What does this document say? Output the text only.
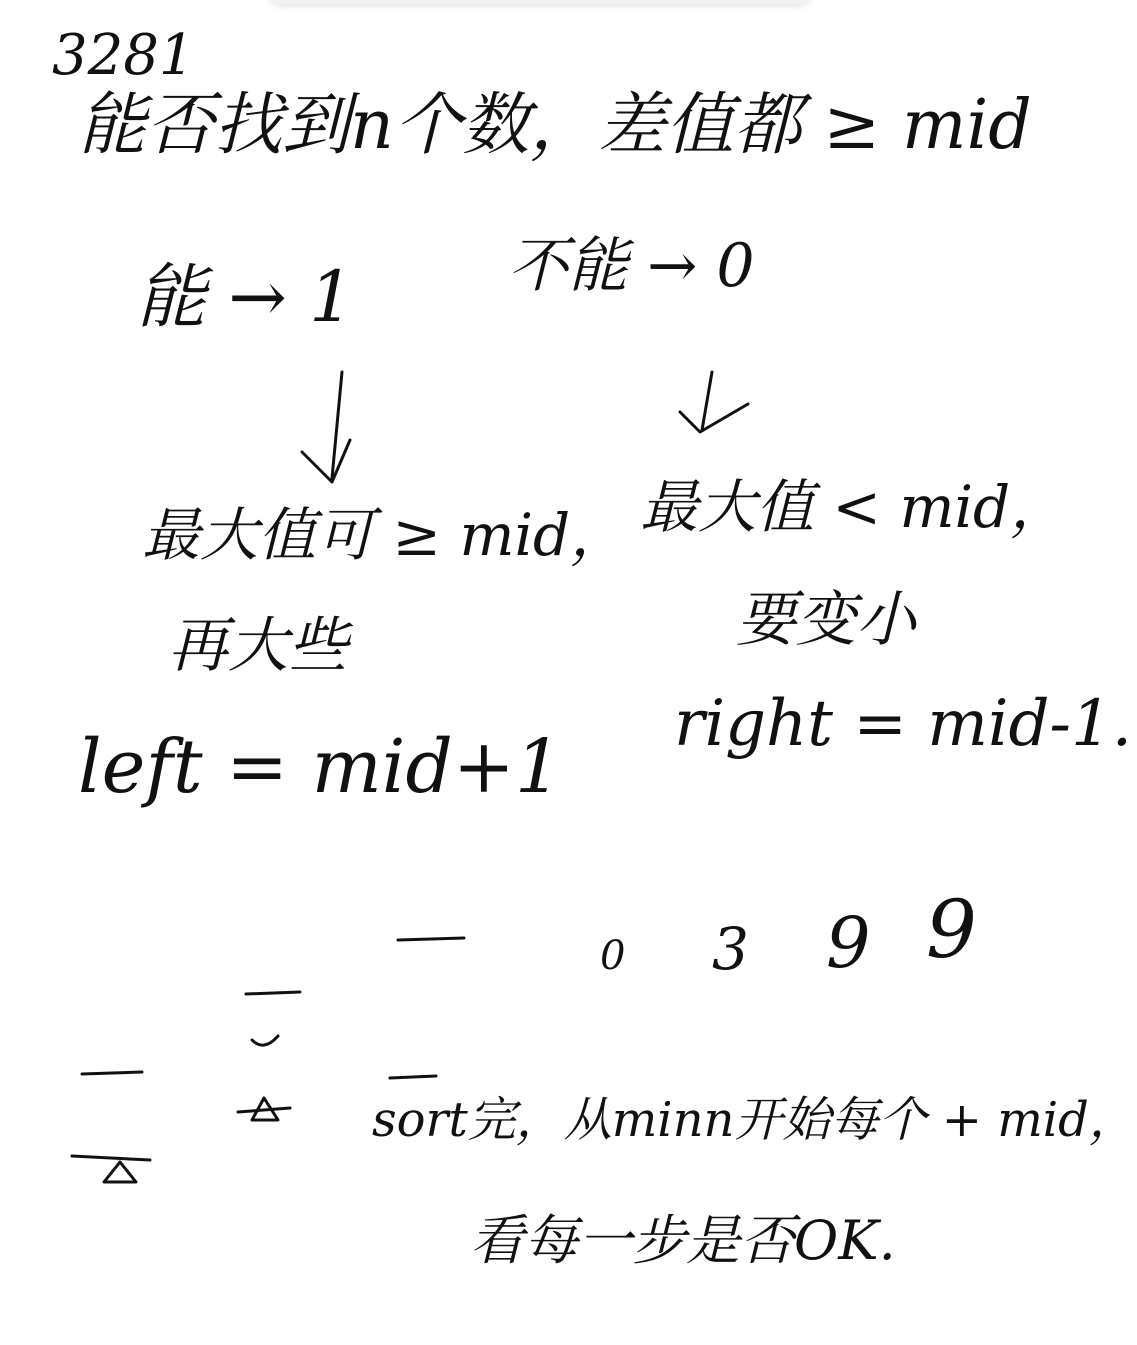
3281

能否找到n个数，差值都 ≥ mid

能 → 1	不能 → 0

最大值可 ≥ mid，

再大些

left = mid+1

最大值 < mid，

要变小

right = mid-1.

0 3 9 9

sort完，从minn开始每个 + mid，

看每一步是否OK.
